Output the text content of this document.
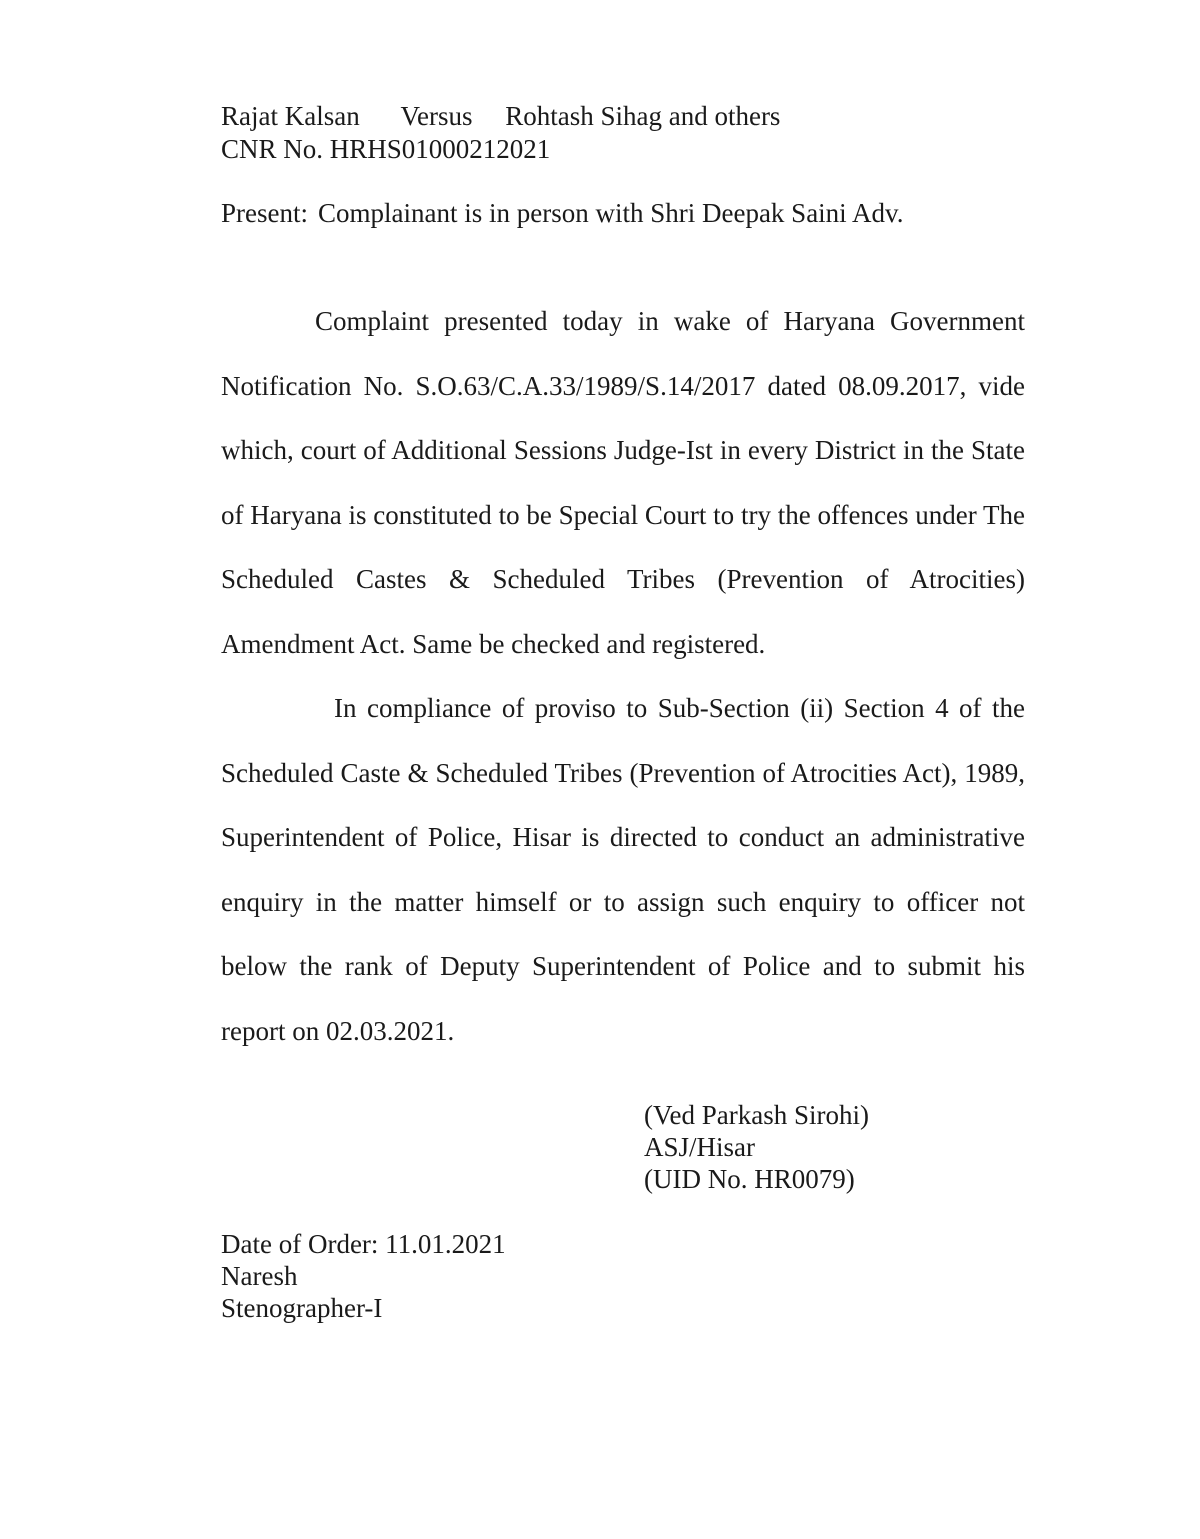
Rajat Kalsan Versus Rohtash Sihag and others
CNR No. HRHS01000212021
Present: Complainant is in person with Shri Deepak Saini Adv.

Complaint presented today in wake of Haryana Government Notification No. S.O.63/C.A.33/1989/S.14/2017 dated 08.09.2017, vide which, court of Additional Sessions Judge-Ist in every District in the State of Haryana is constituted to be Special Court to try the offences under The Scheduled Castes & Scheduled Tribes (Prevention of Atrocities) Amendment Act. Same be checked and registered.

In compliance of proviso to Sub-Section (ii) Section 4 of the Scheduled Caste & Scheduled Tribes (Prevention of Atrocities Act), 1989, Superintendent of Police, Hisar is directed to conduct an administrative enquiry in the matter himself or to assign such enquiry to officer not below the rank of Deputy Superintendent of Police and to submit his report on 02.03.2021.

(Ved Parkash Sirohi)
ASJ/Hisar
(UID No. HR0079)
Date of Order: 11.01.2021
Naresh
Stenographer-I
